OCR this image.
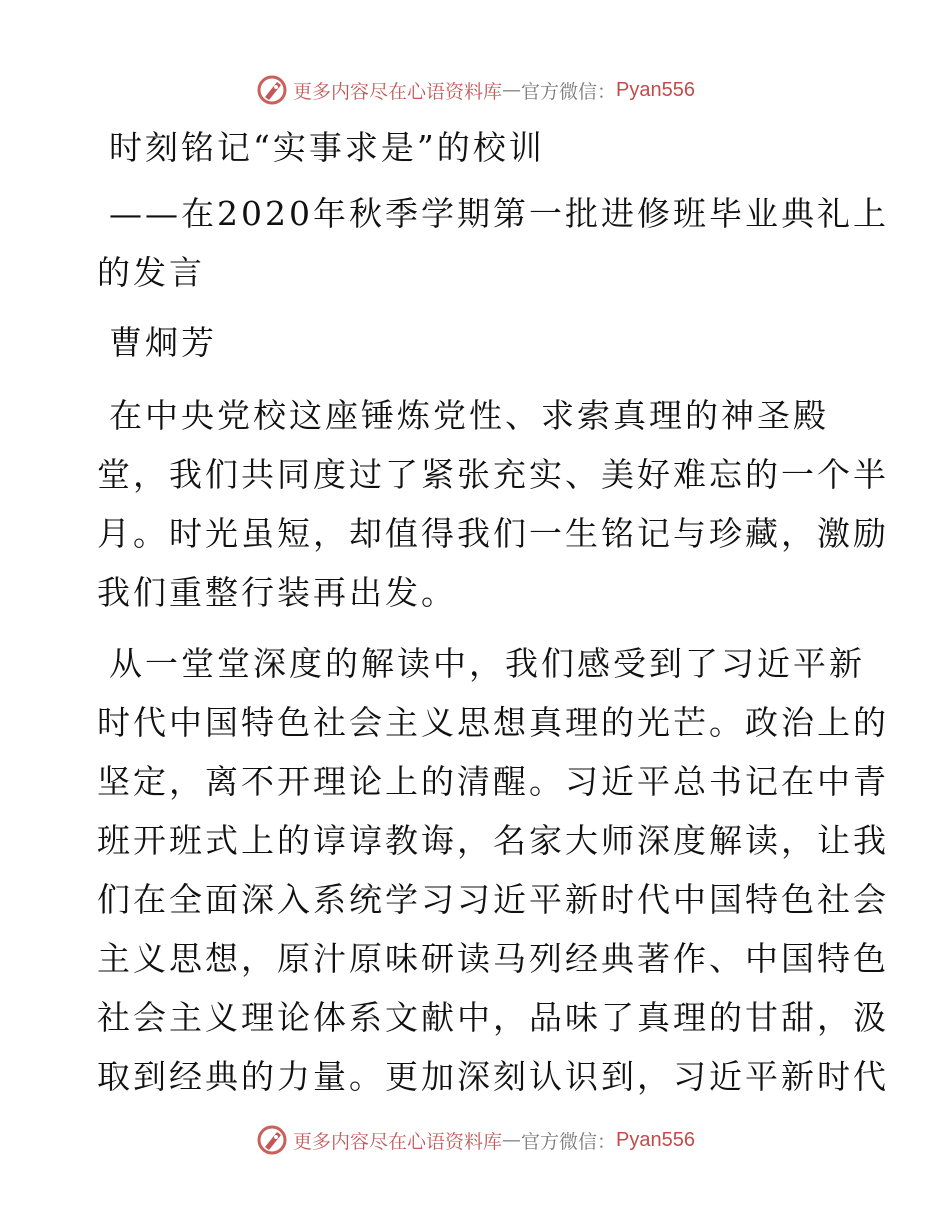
更多内容尽在心语资料库 — 官方微信： Pyan556

时刻铭记“实事求是”的校训

——在2020年秋季学期第一批进修班毕业典礼上

的发言

曹炯芳

在中央党校这座锤炼党性、求索真理的神圣殿

堂，我们共同度过了紧张充实、美好难忘的一个半

月。时光虽短，却值得我们一生铭记与珍藏，激励

我们重整行装再出发。

从一堂堂深度的解读中，我们感受到了习近平新

时代中国特色社会主义思想真理的光芒。政治上的

坚定，离不开理论上的清醒。习近平总书记在中青

班开班式上的谆谆教诲，名家大师深度解读，让我

们在全面深入系统学习习近平新时代中国特色社会

主义思想，原汁原味研读马列经典著作、中国特色

社会主义理论体系文献中，品味了真理的甘甜，汲

取到经典的力量。更加深刻认识到，习近平新时代

更多内容尽在心语资料库 — 官方微信： Pyan556
